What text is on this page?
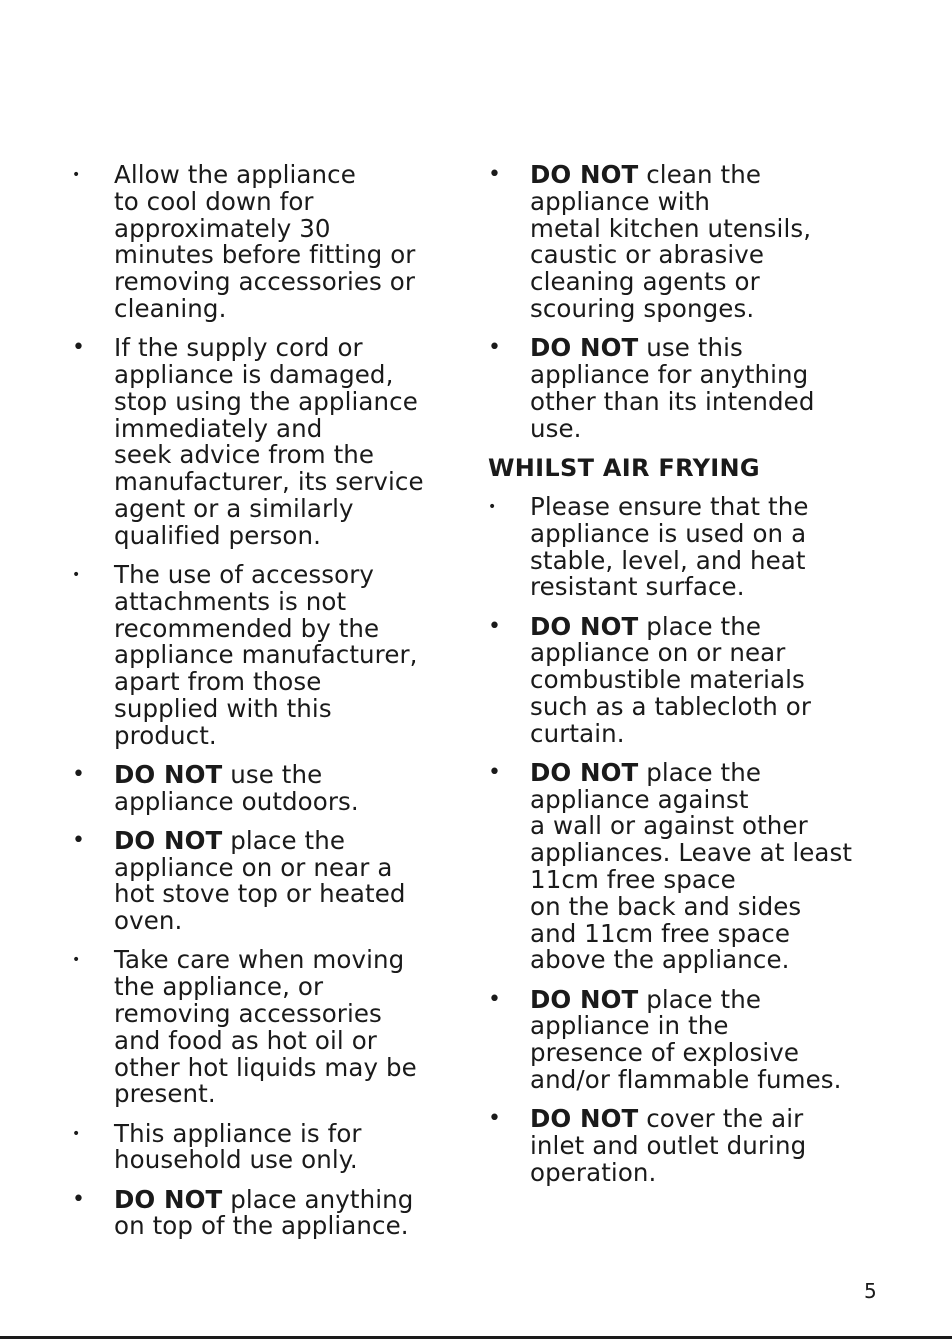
• Allow the appliance
to cool down for
approximately 30
minutes before fitting or
removing accessories or
cleaning.
• If the supply cord or
appliance is damaged,
stop using the appliance
immediately and
seek advice from the
manufacturer, its service
agent or a similarly
qualified person.
• The use of accessory
attachments is not
recommended by the
appliance manufacturer,
apart from those
supplied with this
product.
• DO NOT use the
appliance outdoors.
• DO NOT place the
appliance on or near a
hot stove top or heated
oven.
• Take care when moving
the appliance, or
removing accessories
and food as hot oil or
other hot liquids may be
present.
• This appliance is for
household use only.
• DO NOT place anything
on top of the appliance.
• DO NOT clean the
appliance with
metal kitchen utensils,
caustic or abrasive
cleaning agents or
scouring sponges.
• DO NOT use this
appliance for anything
other than its intended
use.
WHILST AIR FRYING
• Please ensure that the
appliance is used on a
stable, level, and heat
resistant surface.
• DO NOT place the
appliance on or near
combustible materials
such as a tablecloth or
curtain.
• DO NOT place the
appliance against
a wall or against other
appliances. Leave at least
11cm free space
on the back and sides
and 11cm free space
above the appliance.
• DO NOT place the
appliance in the
presence of explosive
and/or flammable fumes.
• DO NOT cover the air
inlet and outlet during
operation.
5
